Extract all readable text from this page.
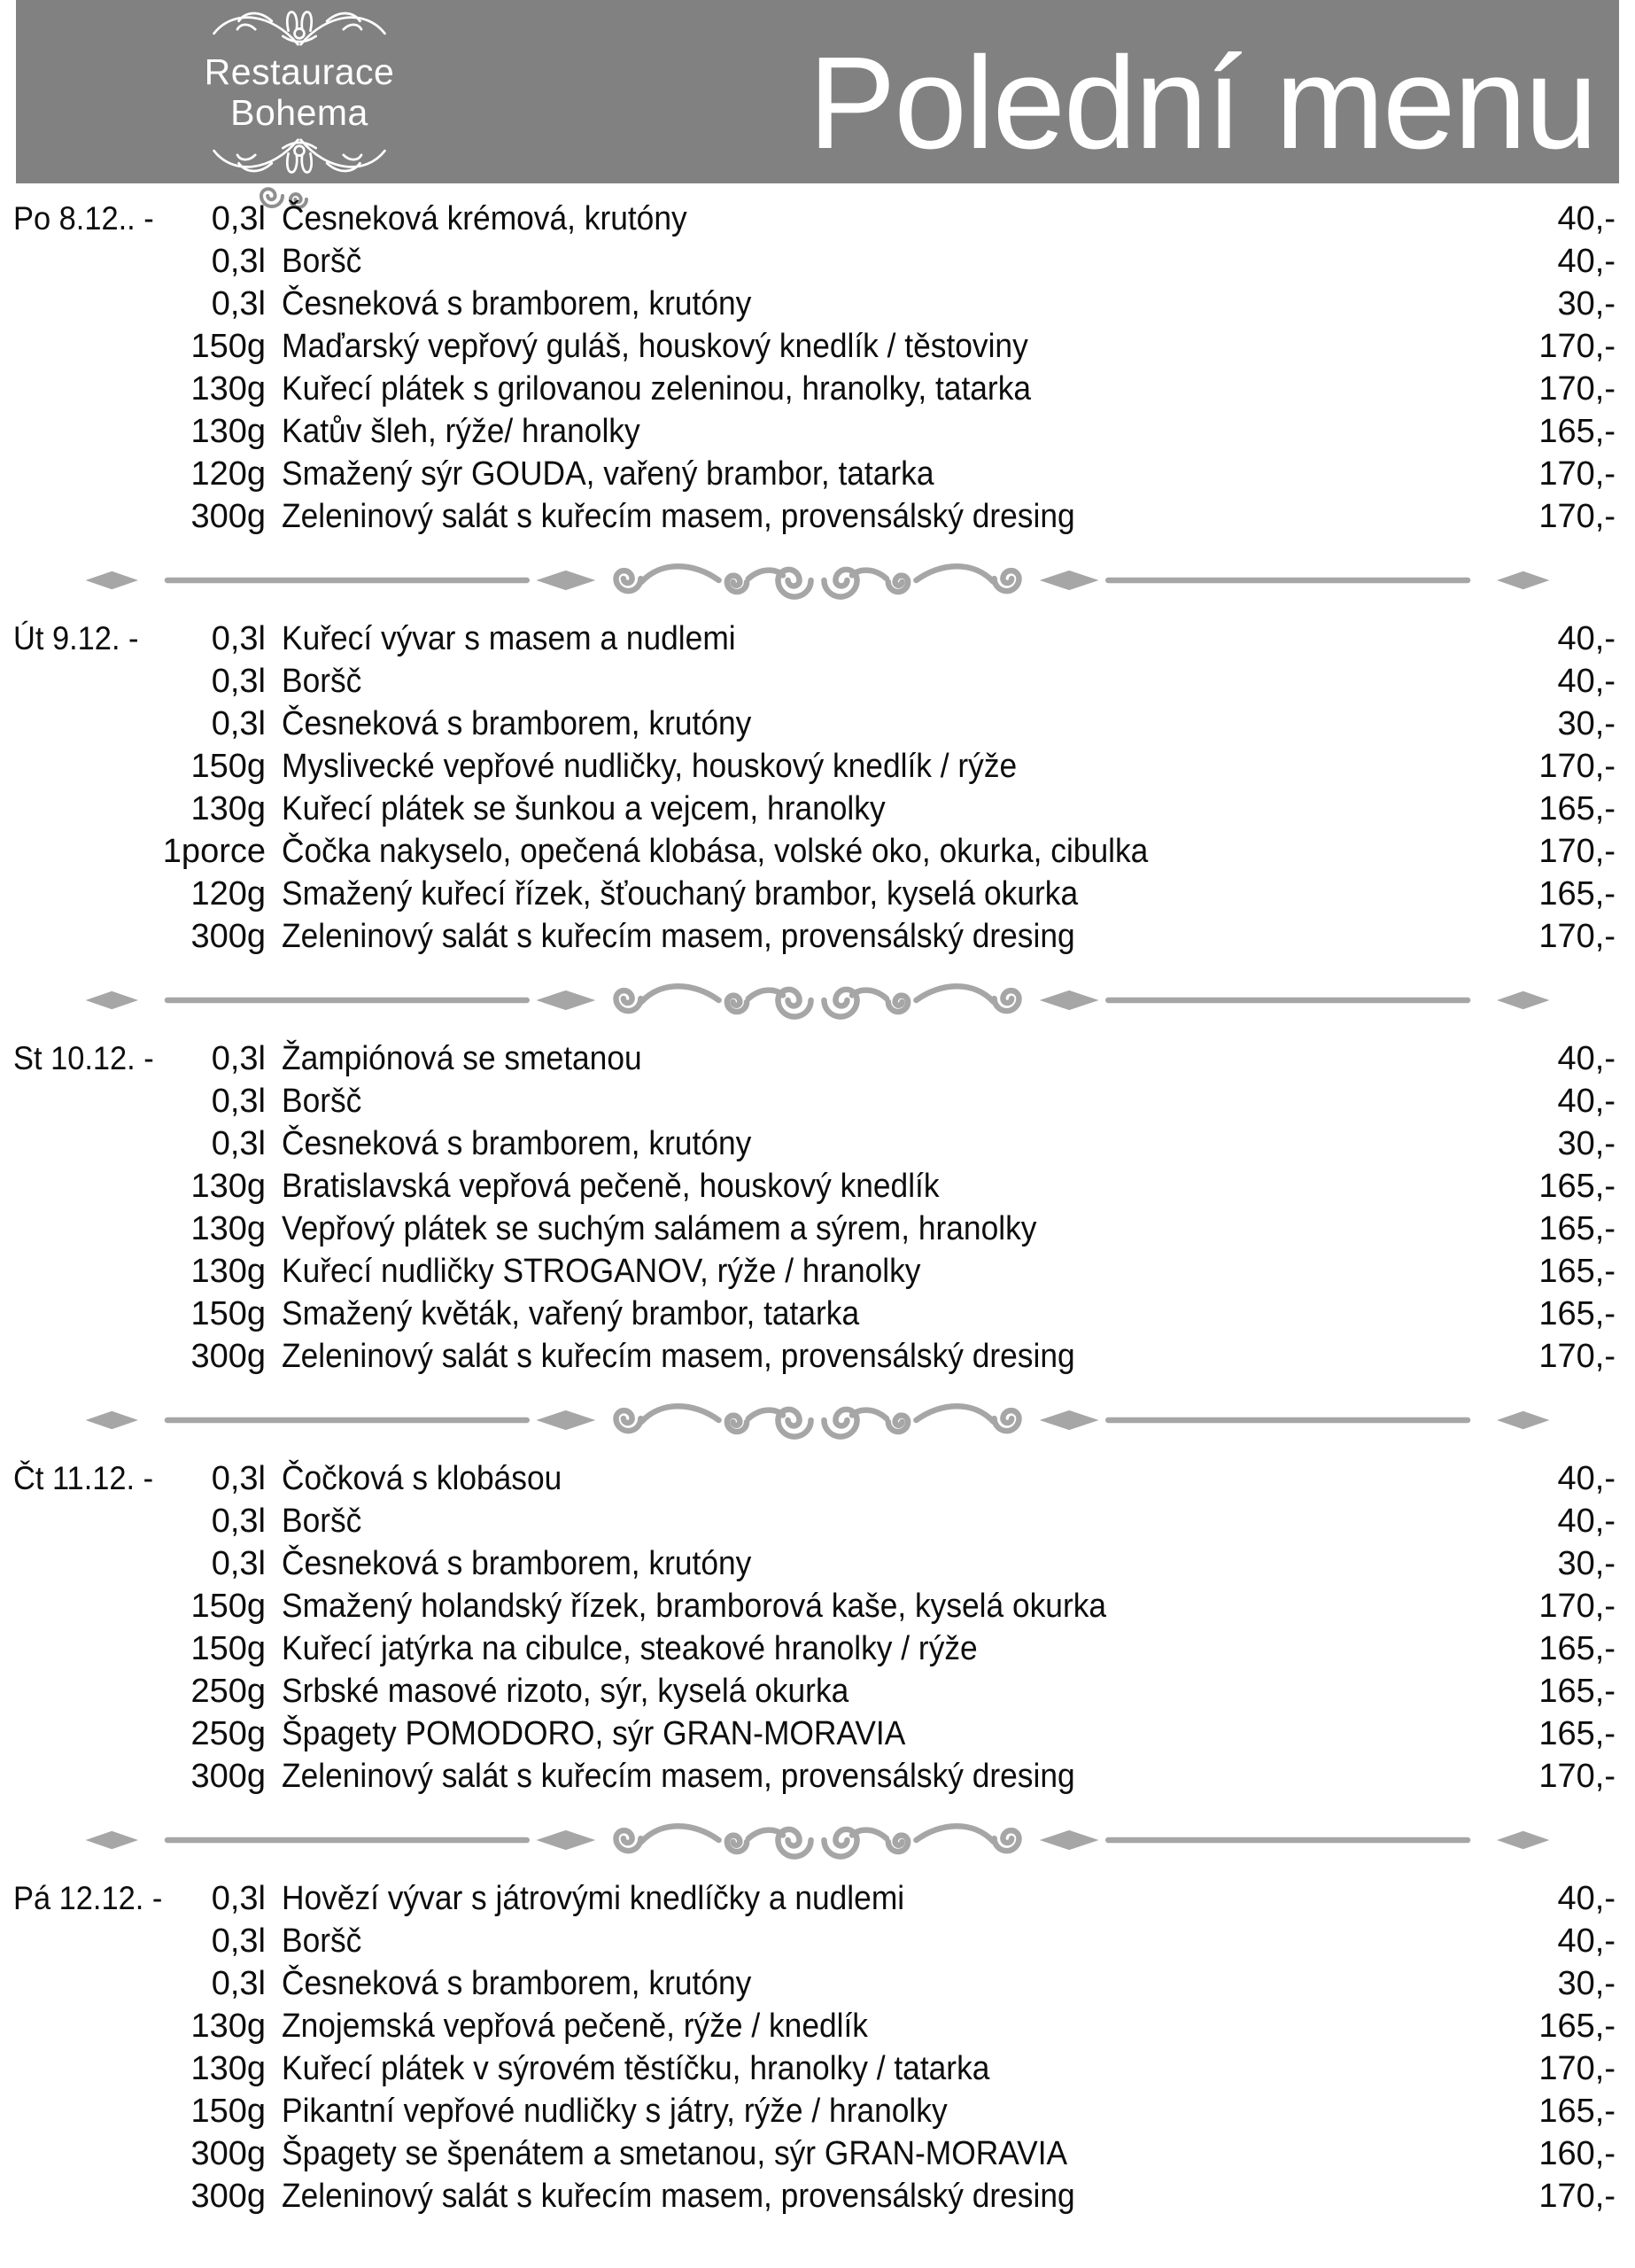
Restaurace
Bohema	Polední menu
Po 8.12.. -	0,3l Česneková krémová, krutóny	40,-
0,3l Boršč	40,-
0,3l Česneková s bramborem, krutóny	30,-
150g Maďarský vepřový guláš, houskový knedlík / těstoviny	170,-
130g Kuřecí plátek s grilovanou zeleninou, hranolky, tatarka	170,-
130g Katův šleh, rýže/ hranolky	165,-
120g Smažený sýr GOUDA, vařený brambor, tatarka	170,-
300g Zeleninový salát s kuřecím masem, provensálský dresing	170,-
Út 9.12. -	0,3l Kuřecí vývar s masem a nudlemi	40,-
0,3l Boršč	40,-
0,3l Česneková s bramborem, krutóny	30,-
150g Myslivecké vepřové nudličky, houskový knedlík / rýže	170,-
130g Kuřecí plátek se šunkou a vejcem, hranolky	165,-
1porce Čočka nakyselo, opečená klobása, volské oko, okurka, cibulka	170,-
120g Smažený kuřecí řízek, šťouchaný brambor, kyselá okurka	165,-
300g Zeleninový salát s kuřecím masem, provensálský dresing	170,-
St 10.12. -	0,3l Žampiónová se smetanou	40,-
0,3l Boršč	40,-
0,3l Česneková s bramborem, krutóny	30,-
130g Bratislavská vepřová pečeně, houskový knedlík	165,-
130g Vepřový plátek se suchým salámem a sýrem, hranolky	165,-
130g Kuřecí nudličky STROGANOV, rýže / hranolky	165,-
150g Smažený květák, vařený brambor, tatarka	165,-
300g Zeleninový salát s kuřecím masem, provensálský dresing	170,-
Čt 11.12. -	0,3l Čočková s klobásou	40,-
0,3l Boršč	40,-
0,3l Česneková s bramborem, krutóny	30,-
150g Smažený holandský řízek, bramborová kaše, kyselá okurka	170,-
150g Kuřecí jatýrka na cibulce, steakové hranolky / rýže	165,-
250g Srbské masové rizoto, sýr, kyselá okurka	165,-
250g Špagety POMODORO, sýr GRAN-MORAVIA	165,-
300g Zeleninový salát s kuřecím masem, provensálský dresing	170,-
Pá 12.12. -	0,3l Hovězí vývar s játrovými knedlíčky a nudlemi	40,-
0,3l Boršč	40,-
0,3l Česneková s bramborem, krutóny	30,-
130g Znojemská vepřová pečeně, rýže / knedlík	165,-
130g Kuřecí plátek v sýrovém těstíčku, hranolky / tatarka	170,-
150g Pikantní vepřové nudličky s játry, rýže / hranolky	165,-
300g Špagety se špenátem a smetanou, sýr GRAN-MORAVIA	160,-
300g Zeleninový salát s kuřecím masem, provensálský dresing	170,-
